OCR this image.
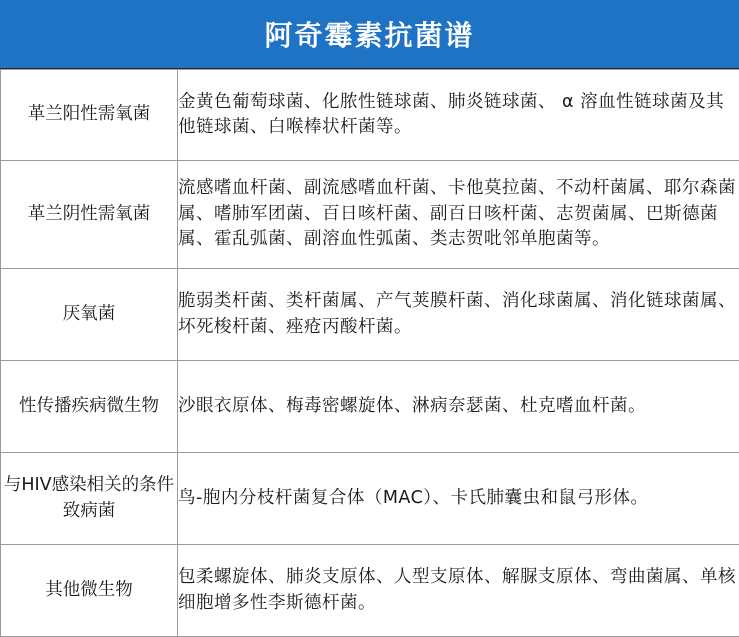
阿奇霉素抗菌谱
革兰阳性需氧菌	金黄色葡萄球菌、化脓性链球菌、肺炎链球菌、 α 溶血性链球菌及其他链球菌、白喉棒状杆菌等。
革兰阴性需氧菌	流感嗜血杆菌、副流感嗜血杆菌、卡他莫拉菌、不动杆菌属、耶尔森菌属、嗜肺军团菌、百日咳杆菌、副百日咳杆菌、志贺菌属、巴斯德菌属、霍乱弧菌、副溶血性弧菌、类志贺吡邻单胞菌等。
厌氧菌	脆弱类杆菌、类杆菌属、产气荚膜杆菌、消化球菌属、消化链球菌属、坏死梭杆菌、痤疮丙酸杆菌。
性传播疾病微生物	沙眼衣原体、梅毒密螺旋体、淋病奈瑟菌、杜克嗜血杆菌。
与HIV感染相关的条件致病菌	鸟-胞内分枝杆菌复合体（MAC）、卡氏肺囊虫和鼠弓形体。
其他微生物	包柔螺旋体、肺炎支原体、人型支原体、解脲支原体、弯曲菌属、单核细胞增多性李斯德杆菌。
